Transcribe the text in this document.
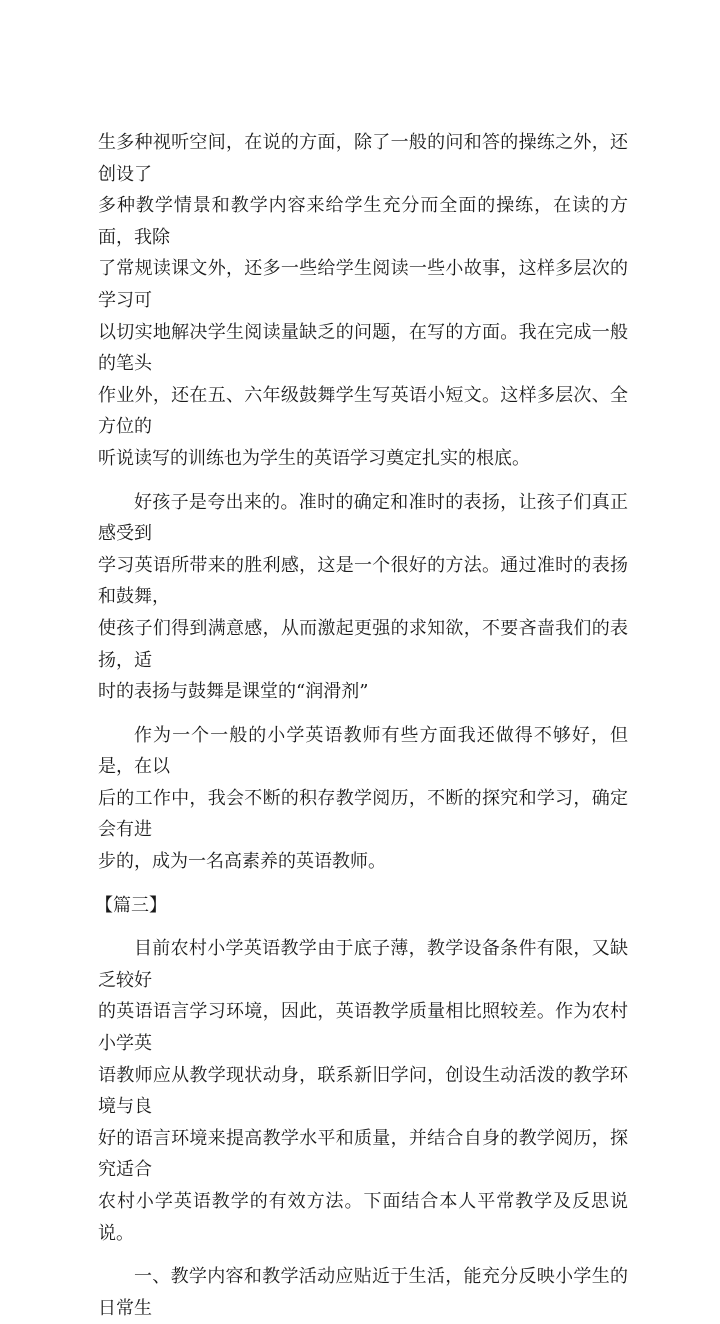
生多种视听空间，在说的方面，除了一般的问和答的操练之外，还创设了
多种教学情景和教学内容来给学生充分而全面的操练，在读的方面，我除
了常规读课文外，还多一些给学生阅读一些小故事，这样多层次的学习可
以切实地解决学生阅读量缺乏的问题，在写的方面。我在完成一般的笔头
作业外，还在五、六年级鼓舞学生写英语小短文。这样多层次、全方位的
听说读写的训练也为学生的英语学习奠定扎实的根底。

好孩子是夸出来的。准时的确定和准时的表扬，让孩子们真正感受到
学习英语所带来的胜利感，这是一个很好的方法。通过准时的表扬和鼓舞，
使孩子们得到满意感，从而激起更强的求知欲，不要吝啬我们的表扬，适
时的表扬与鼓舞是课堂的“润滑剂”

作为一个一般的小学英语教师有些方面我还做得不够好，但是，在以
后的工作中，我会不断的积存教学阅历，不断的探究和学习，确定会有进
步的，成为一名高素养的英语教师。

【篇三】

目前农村小学英语教学由于底子薄，教学设备条件有限，又缺乏较好
的英语语言学习环境，因此，英语教学质量相比照较差。作为农村小学英
语教师应从教学现状动身，联系新旧学问，创设生动活泼的教学环境与良
好的语言环境来提高教学水平和质量，并结合自身的教学阅历，探究适合
农村小学英语教学的有效方法。下面结合本人平常教学及反思说说。

一、教学内容和教学活动应贴近于生活，能充分反映小学生的日常生
